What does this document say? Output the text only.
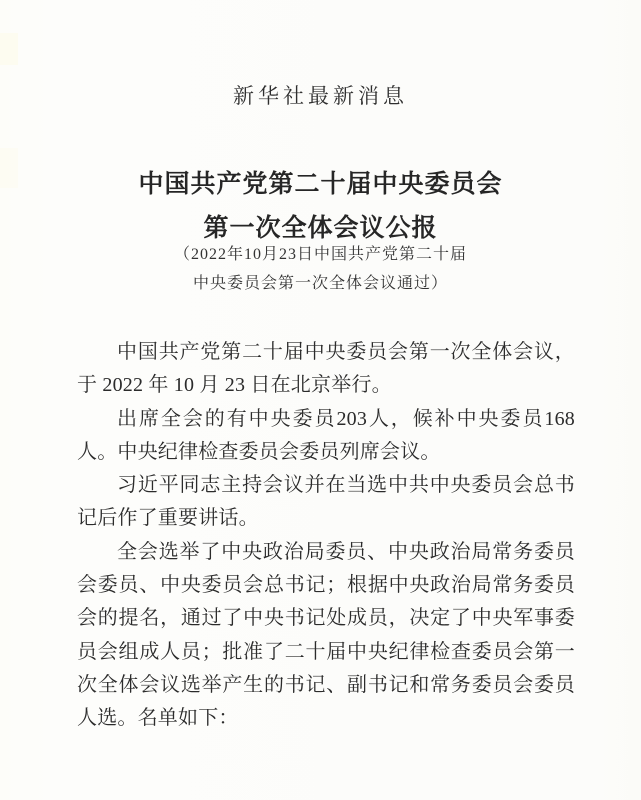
新华社最新消息
中国共产党第二十届中央委员会
第一次全体会议公报
（2022年10月23日中国共产党第二十届
中央委员会第一次全体会议通过）

中国共产党第二十届中央委员会第一次全体会议，于 2022 年 10 月 23 日在北京举行。

出席全会的有中央委员203人，候补中央委员168人。中央纪律检查委员会委员列席会议。

习近平同志主持会议并在当选中共中央委员会总书记后作了重要讲话。

全会选举了中央政治局委员、中央政治局常务委员会委员、中央委员会总书记；根据中央政治局常务委员会的提名，通过了中央书记处成员，决定了中央军事委员会组成人员；批准了二十届中央纪律检查委员会第一次全体会议选举产生的书记、副书记和常务委员会委员人选。名单如下：
